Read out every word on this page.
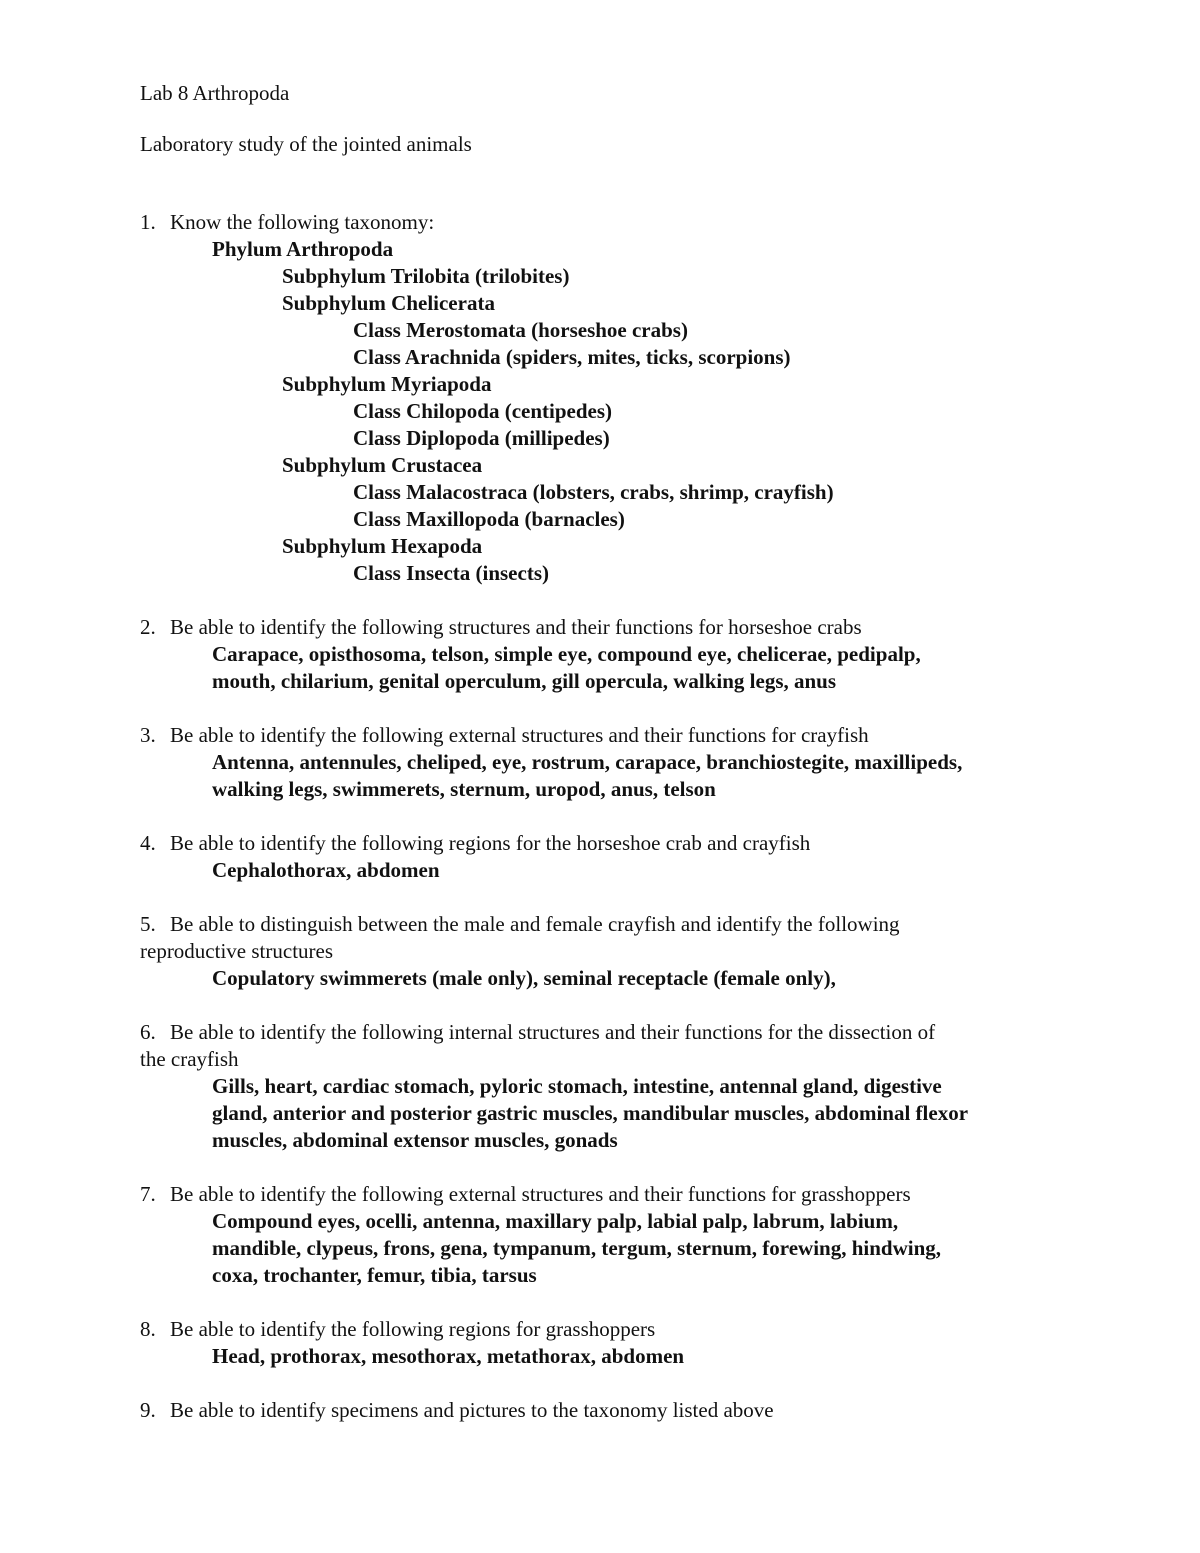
Lab 8 Arthropoda
Laboratory study of the jointed animals
1. Know the following taxonomy:
Phylum Arthropoda
Subphylum Trilobita (trilobites)
Subphylum Chelicerata
Class Merostomata (horseshoe crabs)
Class Arachnida (spiders, mites, ticks, scorpions)
Subphylum Myriapoda
Class Chilopoda (centipedes)
Class Diplopoda (millipedes)
Subphylum Crustacea
Class Malacostraca (lobsters, crabs, shrimp, crayfish)
Class Maxillopoda (barnacles)
Subphylum Hexapoda
Class Insecta (insects)
2. Be able to identify the following structures and their functions for horseshoe crabs
Carapace, opisthosoma, telson, simple eye, compound eye, chelicerae, pedipalp,
mouth, chilarium, genital operculum, gill opercula, walking legs, anus
3. Be able to identify the following external structures and their functions for crayfish
Antenna, antennules, cheliped, eye, rostrum, carapace, branchiostegite, maxillipeds,
walking legs, swimmerets, sternum, uropod, anus, telson
4. Be able to identify the following regions for the horseshoe crab and crayfish
Cephalothorax, abdomen
5. Be able to distinguish between the male and female crayfish and identify the following
reproductive structures
Copulatory swimmerets (male only), seminal receptacle (female only),
6. Be able to identify the following internal structures and their functions for the dissection of
the crayfish
Gills, heart, cardiac stomach, pyloric stomach, intestine, antennal gland, digestive
gland, anterior and posterior gastric muscles, mandibular muscles, abdominal flexor
muscles, abdominal extensor muscles, gonads
7. Be able to identify the following external structures and their functions for grasshoppers
Compound eyes, ocelli, antenna, maxillary palp, labial palp, labrum, labium,
mandible, clypeus, frons, gena, tympanum, tergum, sternum, forewing, hindwing,
coxa, trochanter, femur, tibia, tarsus
8. Be able to identify the following regions for grasshoppers
Head, prothorax, mesothorax, metathorax, abdomen
9. Be able to identify specimens and pictures to the taxonomy listed above
